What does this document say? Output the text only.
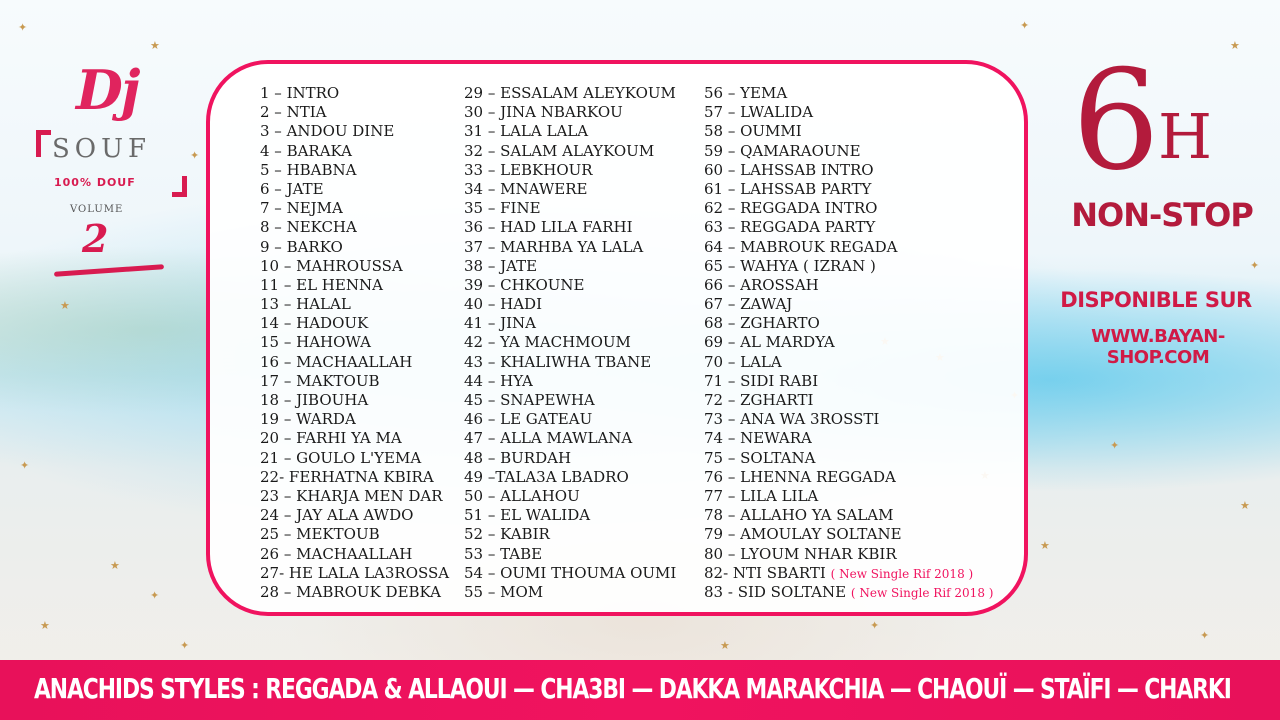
✦
★
✦
★
✦
★
✦
★
✦
✦
★
✦
★
✦
✦
★
✦
★
Dj
SOUF
100% DOUF
VOLUME
2
1 – INTRO
2 – NTIA
3 – ANDOU DINE
4 – BARAKA
5 – HBABNA
6 – JATE
7 – NEJMA
8 – NEKCHA
9 – BARKO
10 – MAHROUSSA
11 – EL HENNA
13 – HALAL
14 – HADOUK
15 – HAHOWA
16 – MACHAALLAH
17 – MAKTOUB
18 – JIBOUHA
19 – WARDA
20 – FARHI YA MA
21 – GOULO L'YEMA
22- FERHATNA KBIRA
23 – KHARJA MEN DAR
24 – JAY ALA AWDO
25 – MEKTOUB
26 – MACHAALLAH
27- HE LALA LA3ROSSA
28 – MABROUK DEBKA
29 – ESSALAM ALEYKOUM
30 – JINA NBARKOU
31 – LALA LALA
32 – SALAM ALAYKOUM
33 – LEBKHOUR
34 – MNAWERE
35 – FINE
36 – HAD LILA FARHI
37 – MARHBA YA LALA
38 – JATE
39 – CHKOUNE
40 – HADI
41 – JINA
42 – YA MACHMOUM
43 – KHALIWHA TBANE
44 – HYA
45 – SNAPEWHA
46 – LE GATEAU
47 – ALLA MAWLANA
48 – BURDAH
49 –TALA3A LBADRO
50 – ALLAHOU
51 – EL WALIDA
52 – KABIR
53 – TABE
54 – OUMI THOUMA OUMI
55 – MOM
56 – YEMA
57 – LWALIDA
58 – OUMMI
59 – QAMARAOUNE
60 – LAHSSAB INTRO
61 – LAHSSAB PARTY
62 – REGGADA INTRO
63 – REGGADA PARTY
64 – MABROUK REGADA
65 – WAHYA ( IZRAN )
66 – AROSSAH
67 – ZAWAJ
68 – ZGHARTO
69 – AL MARDYA
70 – LALA
71 – SIDI RABI
72 – ZGHARTI
73 – ANA WA 3ROSSTI
74 – NEWARA
75 – SOLTANA
76 – LHENNA REGGADA
77 – LILA LILA
78 – ALLAHO YA SALAM
79 – AMOULAY SOLTANE
80 – LYOUM NHAR KBIR
82- NTI SBARTI ( New Single Rif 2018 )
83 - SID SOLTANE ( New Single Rif 2018 )
6
H
NON-STOP
DISPONIBLE SUR
WWW.BAYAN-SHOP.COM
ANACHIDS STYLES : REGGADA & ALLAOUI — CHA3BI — DAKKA MARAKCHIA — CHAOUÏ — STAÏFI — CHARKI
